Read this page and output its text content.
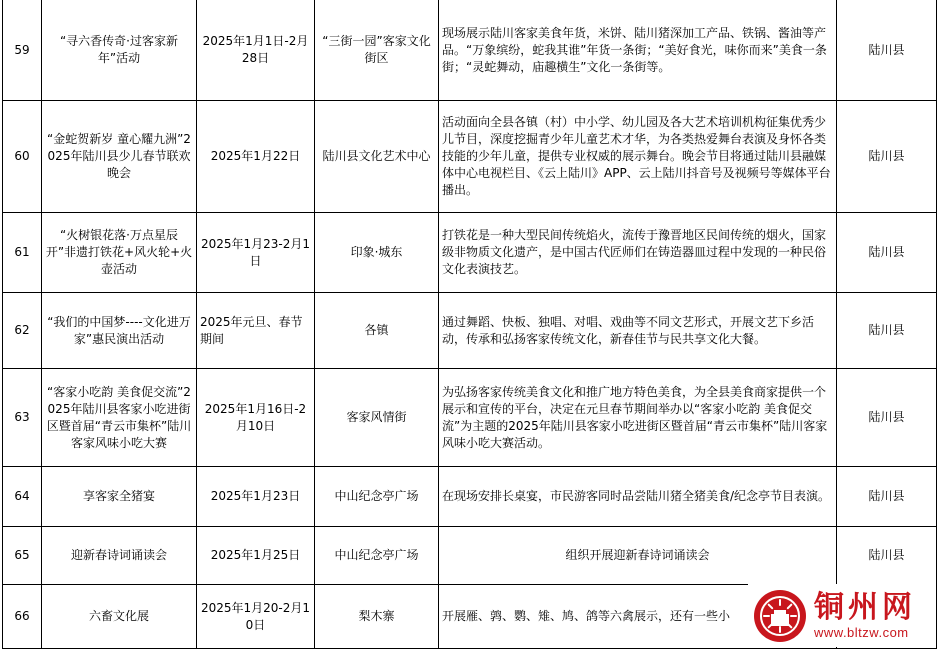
59	“寻六香传奇·过客家新年”活动	2025年1月1日-2月28日	“三街一园”客家文化街区	现场展示陆川客家美食年货，米饼、陆川猪深加工产品、铁锅、酱油等产品。“万象缤纷，蛇我其谁”年货一条街；“美好食光，味你而来”美食一条街；“灵蛇舞动，庙趣横生”文化一条街等。	陆川县
60	“金蛇贺新岁 童心耀九洲”2025年陆川县少儿春节联欢晚会	2025年1月22日	陆川县文化艺术中心	活动面向全县各镇（村）中小学、幼儿园及各大艺术培训机构征集优秀少儿节目，深度挖掘青少年儿童艺术才华，为各类热爱舞台表演及身怀各类技能的少年儿童，提供专业权威的展示舞台。晚会节目将通过陆川县融媒体中心电视栏目、《云上陆川》APP、云上陆川抖音号及视频号等媒体平台播出。	陆川县
61	“火树银花落·万点星辰开”非遗打铁花+风火轮+火壶活动	2025年1月23-2月1日	印象·城东	打铁花是一种大型民间传统焰火，流传于豫晋地区民间传统的烟火，国家级非物质文化遗产，是中国古代匠师们在铸造器皿过程中发现的一种民俗文化表演技艺。	陆川县
62	“我们的中国梦----文化进万家”惠民演出活动	2025年元旦、春节期间	各镇	通过舞蹈、快板、独唱、对唱、戏曲等不同文艺形式，开展文艺下乡活动，传承和弘扬客家传统文化，新春佳节与民共享文化大餐。	陆川县
63	“客家小吃韵 美食促交流”2025年陆川县客家小吃进街区暨首届“青云市集杯”陆川客家风味小吃大赛	2025年1月16日-2月10日	客家风情街	为弘扬客家传统美食文化和推广地方特色美食，为全县美食商家提供一个展示和宣传的平台，决定在元旦春节期间举办以“客家小吃韵 美食促交流”为主题的2025年陆川县客家小吃进街区暨首届“青云市集杯”陆川客家风味小吃大赛活动。	陆川县
64	享客家全猪宴	2025年1月23日	中山纪念亭广场	在现场安排长桌宴，市民游客同时品尝陆川猪全猪美食/纪念亭节目表演。	陆川县
65	迎新春诗词诵读会	2025年1月25日	中山纪念亭广场	组织开展迎新春诗词诵读会	陆川县
66	六畜文化展	2025年1月20-2月10日	梨木寨	开展雁、鹑、鹦、雉、鸠、鸽等六禽展示，还有一些小		铜州网
www.bltzw.com
